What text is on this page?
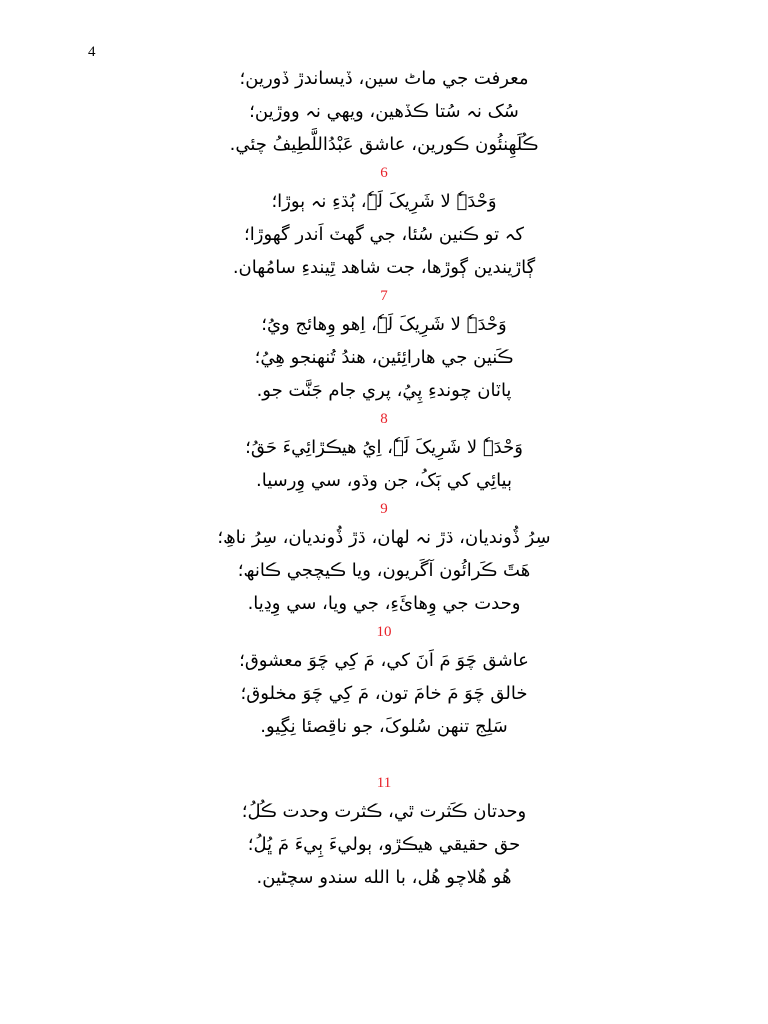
4
معرفت جي ماٹ سين، ڏيساندڙ ڏورين؛
سُک نہ سُتا ڪڏھين، ويھي نہ ووڙين؛
ڪُلَھِنئُون ڪورين، عاشق عَبْدُاللَّطِيفُ چئي.
6
وَحْدَہٗ لا شَرِيکَ لَہٗ، ٻُڌءِ نہ ٻوڙا؛
کہ تو ڪنين سُئا، جي گھٽ اَندر گھوڙا؛
ڳاڙيندين ڳوڙھا، جت شاھد ٿِيندءِ سامُھان.
7
وَحْدَہٗ لا شَرِيکَ لَہٗ، اِھو وِھائج ويُ؛
ڪَنين جي ھارائِئين، ھندُ تُنھنجو ھِيُ؛
پاٽان چوندءِ پِيُ، پري جام جَنَّت جو.
8
وَحْدَہٗ لا شَرِيکَ لَہٗ، اِيُ ھيڪڙائِيءَ حَقُ؛
ٻيائِي کي ٻَکُ، جن وڌو، سي وِرسيا.
9
سِرُ ڏُونديان، ڌڙ نہ لھان، ڌڙ ڏُونديان، سِرُ ناھِ؛
ھَٿَ ڪَرائُون آگَريون، ويا ڪيچجي ڪانھ؛
وحدت جي وِھائَءِ، جي ويا، سي وِڍيا.
10
عاشق چَوَ مَ اَنَ کي، مَ کِي چَوَ معشوق؛
خالق چَوَ مَ خامَ تون، مَ کِي چَوَ مخلوق؛
سَلِج تنھن سُلوکَ، جو ناقِصئا نِگِيو.
11
وحدتان ڪَثرت ٿي، ڪثرت وحدت ڪُلُ؛
حق حقيقي ھيڪڙو، ٻوليءَ ٻِيءَ مَ ڀُلُ؛
ھُو ھُلاچو ھُل، با الله سندو سچڻين.
